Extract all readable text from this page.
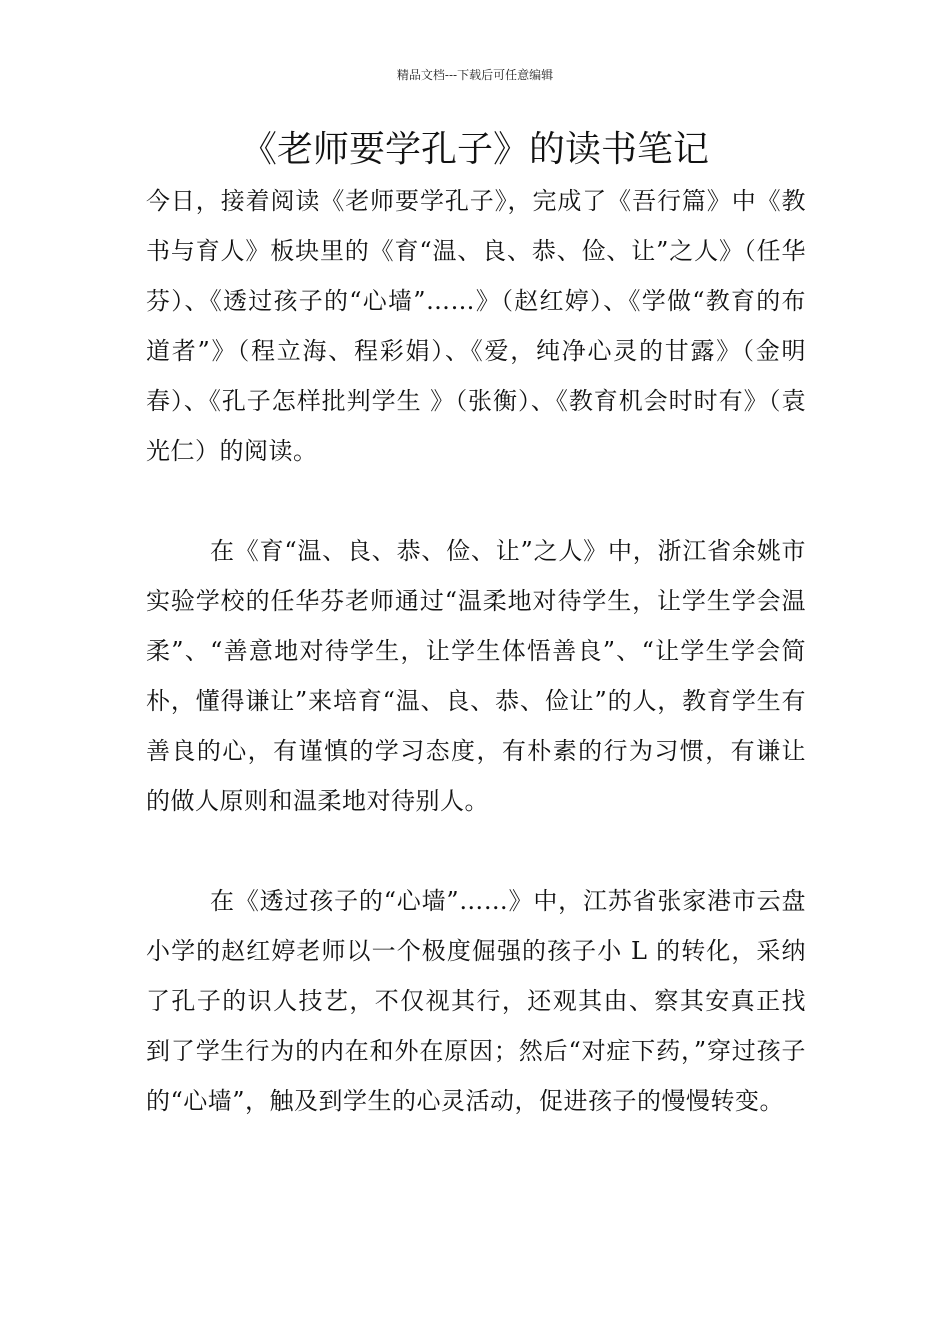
精品文档---下载后可任意编辑
《老师要学孔子》的读书笔记

今日，接着阅读《老师要学孔子》，完成了《吾行篇》中《教书与育人》板块里的《育“温、良、恭、俭、让”之人》（任华芬）、《透过孩子的“心墙”……》（赵红婷）、《学做“教育的布道者”》（程立海、程彩娟）、《爱，纯净心灵的甘露》（金明春）、《孔子怎样批判学生 》（张衡）、《教育机会时时有》（袁光仁）的阅读。

在《育“温、良、恭、俭、让”之人》中，浙江省余姚市实验学校的任华芬老师通过“温柔地对待学生，让学生学会温柔”、“善意地对待学生，让学生体悟善良”、“让学生学会简朴，懂得谦让”来培育“温、良、恭、俭让”的人，教育学生有善良的心，有谨慎的学习态度，有朴素的行为习惯，有谦让的做人原则和温柔地对待别人。

在《透过孩子的“心墙”……》中，江苏省张家港市云盘小学的赵红婷老师以一个极度倔强的孩子小 L 的转化，采纳了孔子的识人技艺，不仅视其行，还观其由、察其安真正找到了学生行为的内在和外在原因；然后“对症下药，”穿过孩子的“心墙”，触及到学生的心灵活动，促进孩子的慢慢转变。
